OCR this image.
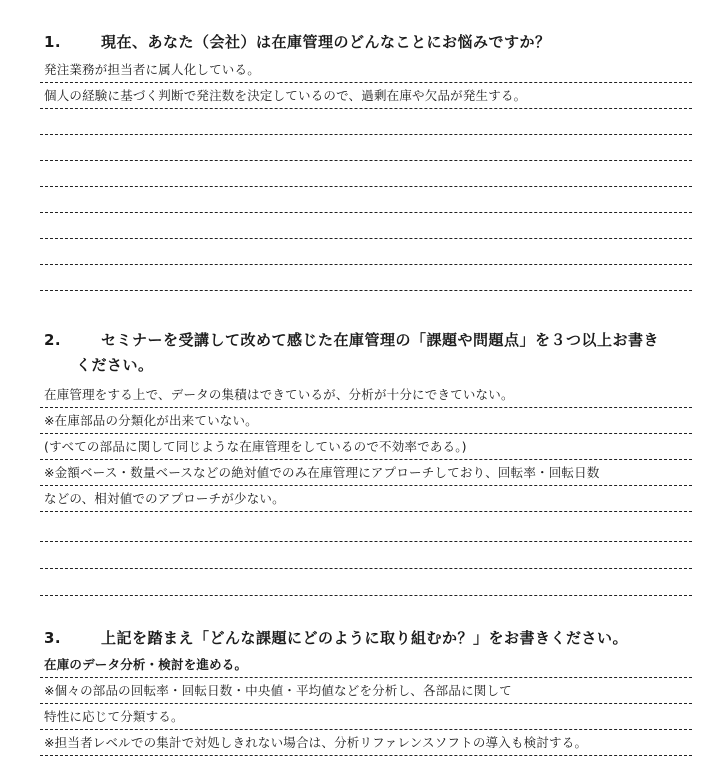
1.	現在、あなた（会社）は在庫管理のどんなことにお悩みですか？
発注業務が担当者に属人化している。
個人の経験に基づく判断で発注数を決定しているので、過剰在庫や欠品が発生する。
2.	セミナーを受講して改めて感じた在庫管理の「課題や問題点」を３つ以上お書き
ください。
在庫管理をする上で、データの集積はできているが、分析が十分にできていない。
※在庫部品の分類化が出来ていない。
(すべての部品に関して同じような在庫管理をしているので不効率である。)
※金額ベース・数量ベースなどの絶対値でのみ在庫管理にアプローチしており、回転率・回転日数
などの、相対値でのアプローチが少ない。
3.	上記を踏まえ「どんな課題にどのように取り組むか？」をお書きください。
在庫のデータ分析・検討を進める。
※個々の部品の回転率・回転日数・中央値・平均値などを分析し、各部品に関して
特性に応じて分類する。
※担当者レベルでの集計で対処しきれない場合は、分析リファレンスソフトの導入も検討する。
